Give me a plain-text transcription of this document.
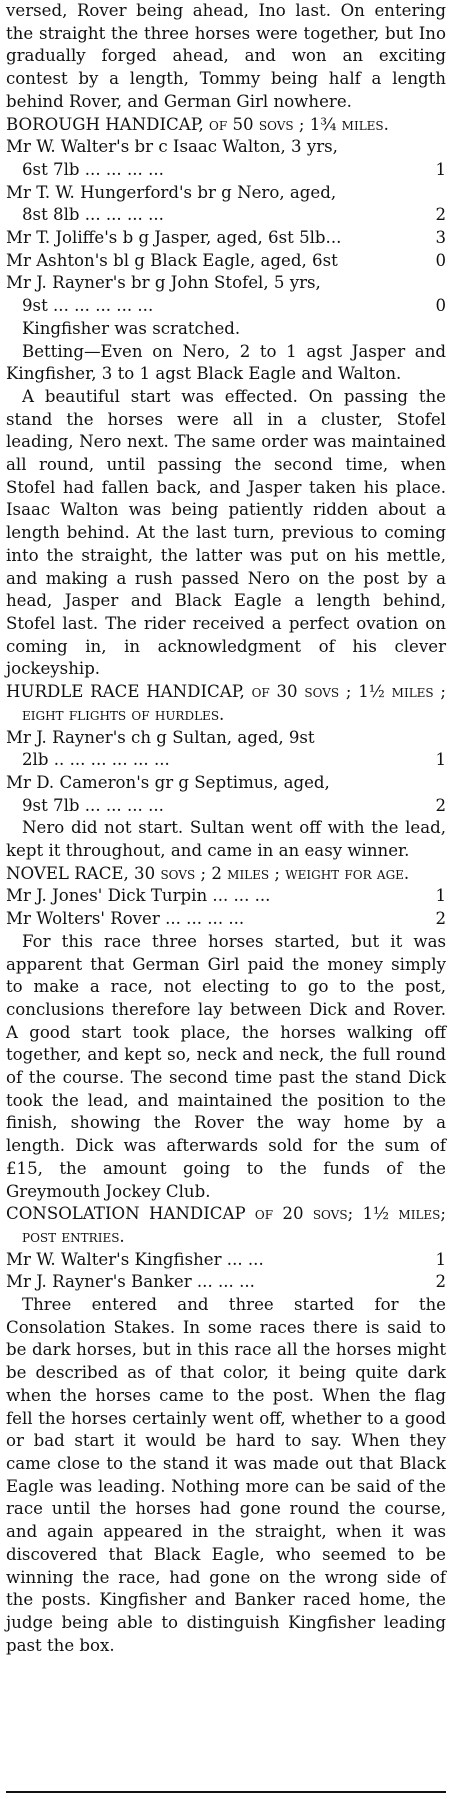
versed, Rover being ahead, Ino last. On entering the straight the three horses were together, but Ino gradually forged ahead, and won an exciting contest by a length, Tommy being half a length behind Rover, and German Girl nowhere.

BOROUGH HANDICAP, of 50 sovs ; 1¾ miles.

Mr W. Walter's br c Isaac Walton, 3 yrs,
6st 7lb ... ... ... ...	1
Mr T. W. Hungerford's br g Nero, aged,
8st 8lb ... ... ... ...	2
Mr T. Joliffe's b g Jasper, aged, 6st 5lb...	3
Mr Ashton's bl g Black Eagle, aged, 6st	0
Mr J. Rayner's br g John Stofel, 5 yrs,
9st ... ... ... ... ...	0

Kingfisher was scratched.

Betting—Even on Nero, 2 to 1 agst Jasper and Kingfisher, 3 to 1 agst Black Eagle and Walton.

A beautiful start was effected. On passing the stand the horses were all in a cluster, Stofel leading, Nero next. The same order was maintained all round, until passing the second time, when Stofel had fallen back, and Jasper taken his place. Isaac Walton was being patiently ridden about a length behind. At the last turn, previous to coming into the straight, the latter was put on his mettle, and making a rush passed Nero on the post by a head, Jasper and Black Eagle a length behind, Stofel last. The rider received a perfect ovation on coming in, in acknowledgment of his clever jockeyship.

HURDLE RACE HANDICAP, of 30 sovs ; 1½ miles ; eight flights of hurdles.

Mr J. Rayner's ch g Sultan, aged, 9st
2lb .. ... ... ... ... ...	1
Mr D. Cameron's gr g Septimus, aged,
9st 7lb ... ... ... ...	2

Nero did not start. Sultan went off with the lead, kept it throughout, and came in an easy winner.

NOVEL RACE, 30 sovs ; 2 miles ; weight for age.

Mr J. Jones' Dick Turpin ... ... ...	1
Mr Wolters' Rover ... ... ... ...	2

For this race three horses started, but it was apparent that German Girl paid the money simply to make a race, not electing to go to the post, conclusions therefore lay between Dick and Rover. A good start took place, the horses walking off together, and kept so, neck and neck, the full round of the course. The second time past the stand Dick took the lead, and maintained the position to the finish, showing the Rover the way home by a length. Dick was afterwards sold for the sum of £15, the amount going to the funds of the Greymouth Jockey Club.

CONSOLATION HANDICAP of 20 sovs; 1½ miles; post entries.

Mr W. Walter's Kingfisher ... ...	1
Mr J. Rayner's Banker ... ... ...	2

Three entered and three started for the Consolation Stakes. In some races there is said to be dark horses, but in this race all the horses might be described as of that color, it being quite dark when the horses came to the post. When the flag fell the horses certainly went off, whether to a good or bad start it would be hard to say. When they came close to the stand it was made out that Black Eagle was leading. Nothing more can be said of the race until the horses had gone round the course, and again appeared in the straight, when it was discovered that Black Eagle, who seemed to be winning the race, had gone on the wrong side of the posts. Kingfisher and Banker raced home, the judge being able to distinguish Kingfisher leading past the box.
